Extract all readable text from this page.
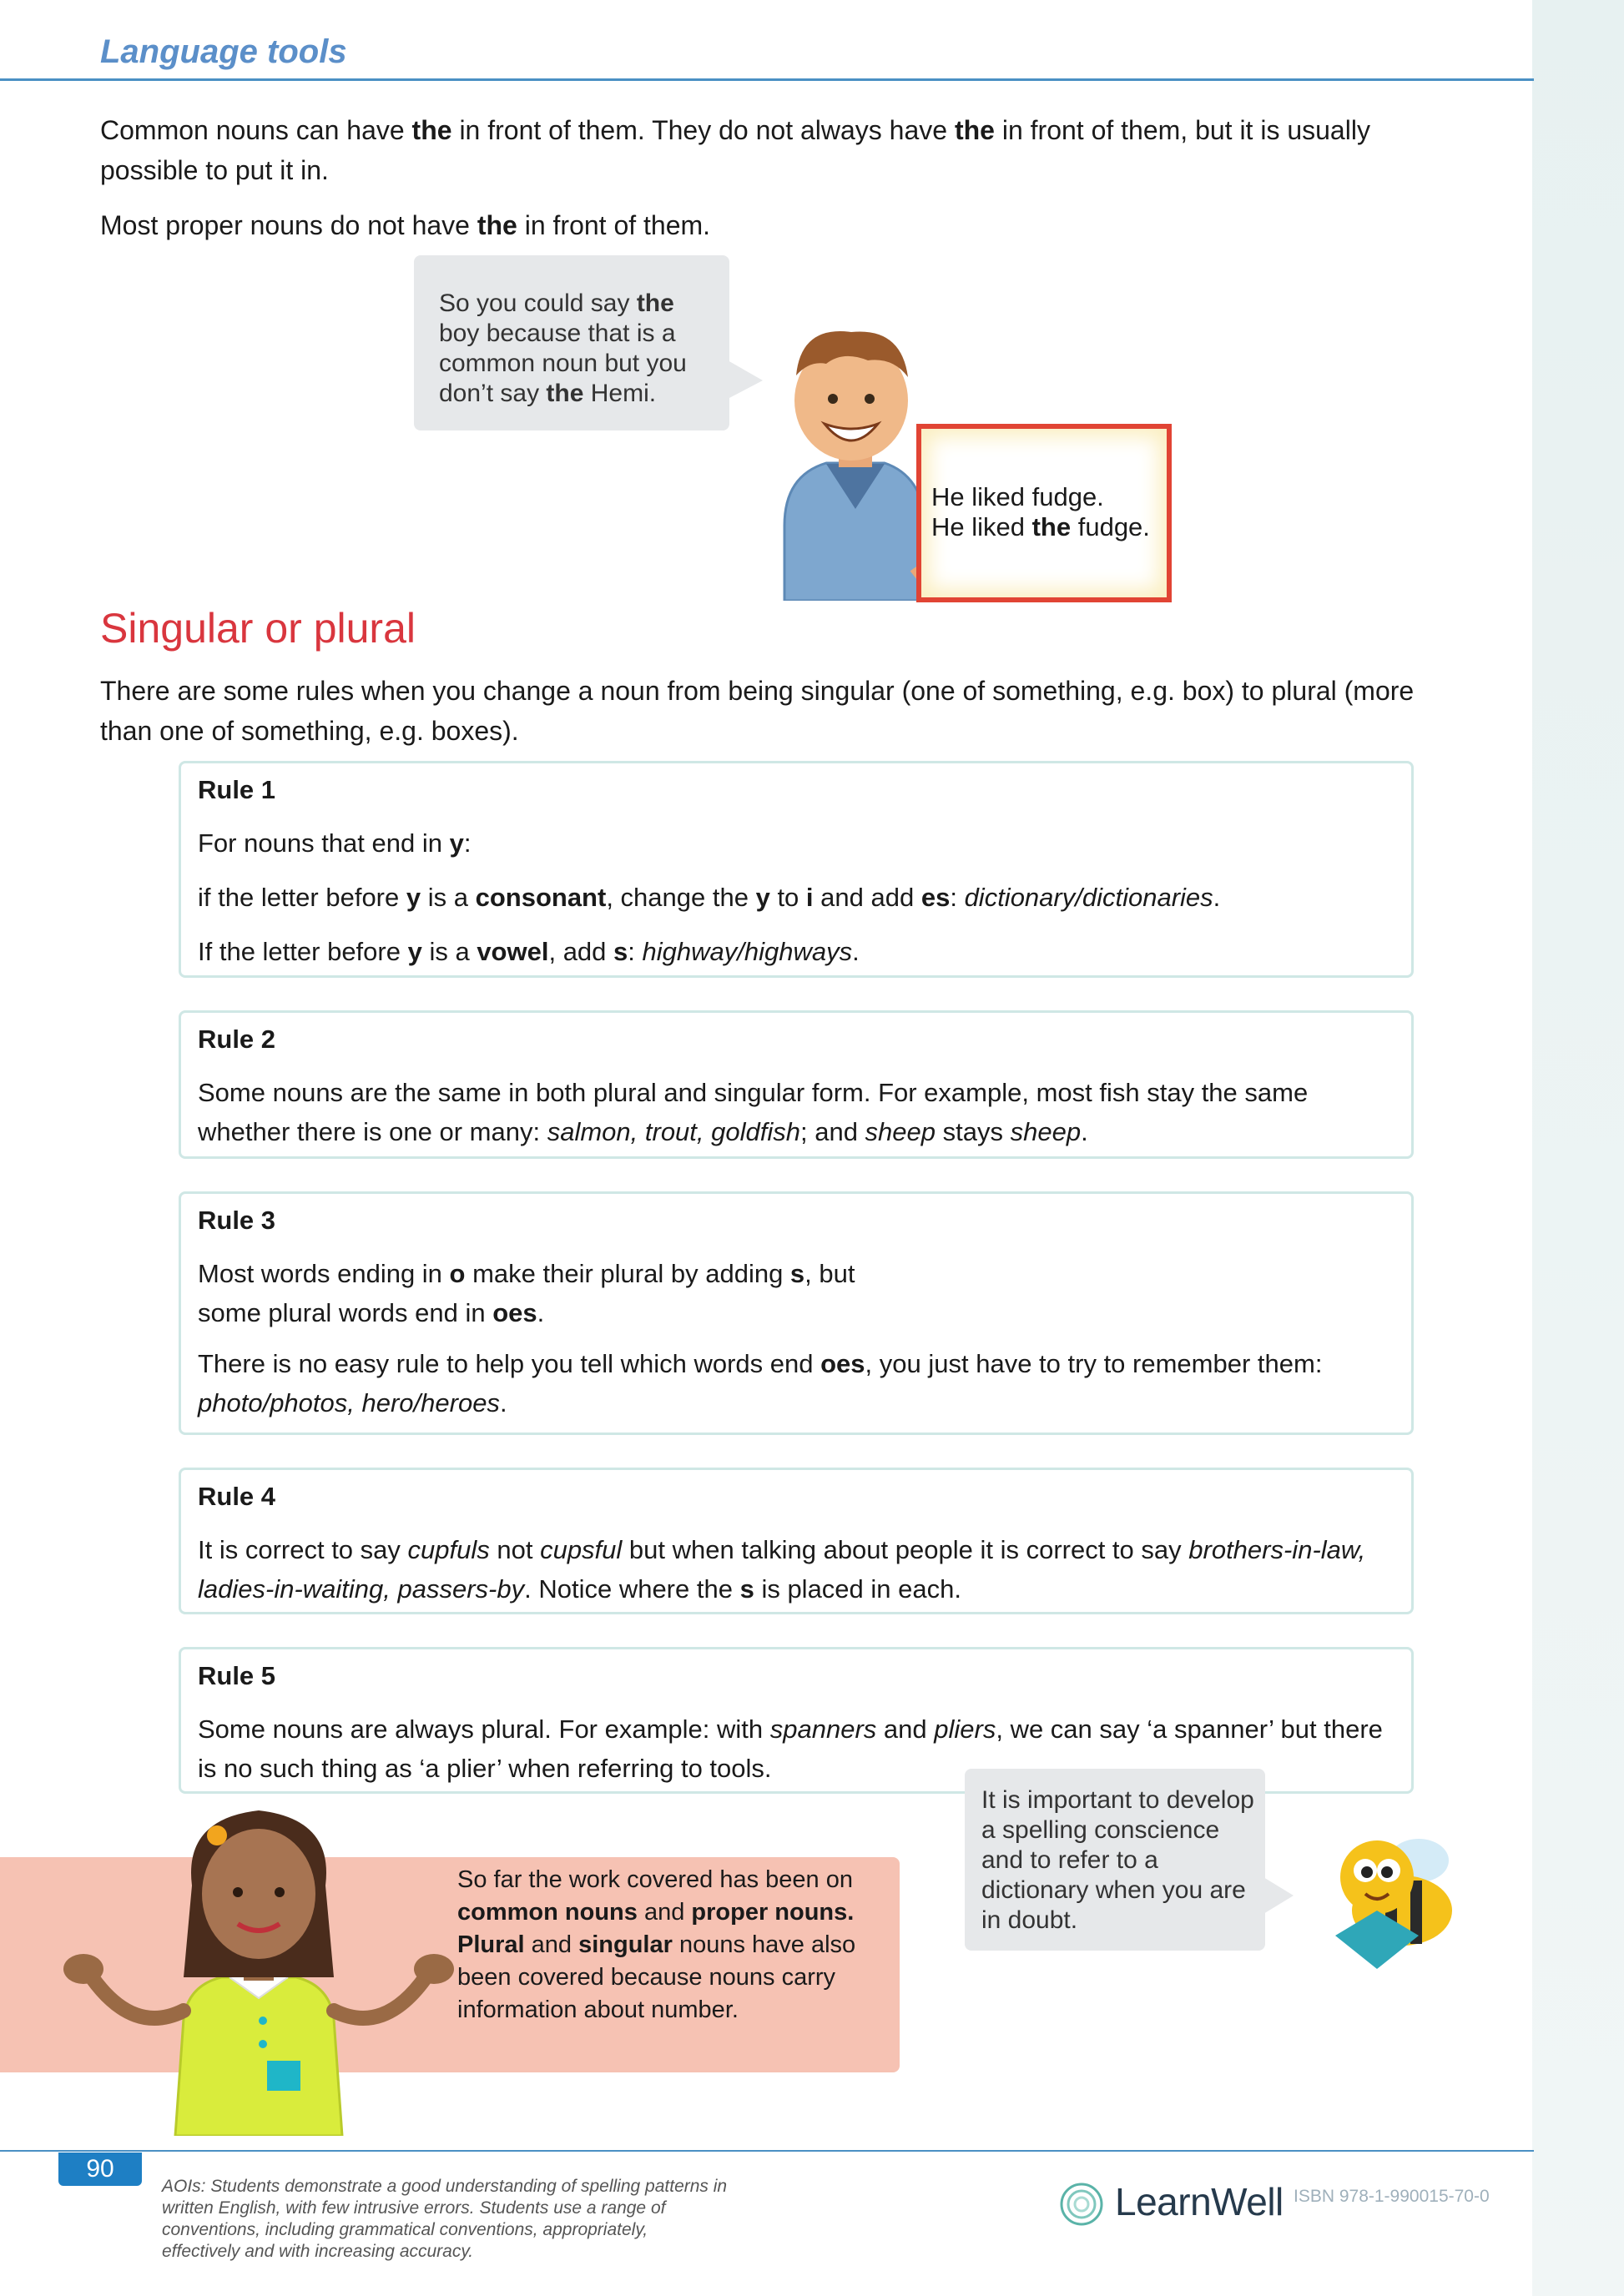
Language tools
Common nouns can have the in front of them. They do not always have the in front of them, but it is usually possible to put it in.
Most proper nouns do not have the in front of them.
So you could say the boy because that is a common noun but you don’t say the Hemi.
He liked fudge.
He liked the fudge.
Singular or plural
There are some rules when you change a noun from being singular (one of something, e.g. box) to plural (more than one of something, e.g. boxes).
Rule 1

For nouns that end in y:

if the letter before y is a consonant, change the y to i and add es: dictionary/dictionaries.

If the letter before y is a vowel, add s: highway/highways.

Rule 2

Some nouns are the same in both plural and singular form. For example, most fish stay the same whether there is one or many: salmon, trout, goldfish; and sheep stays sheep.

Rule 3

Most words ending in o make their plural by adding s, but
some plural words end in oes.

There is no easy rule to help you tell which words end oes, you just have to try to remember them: photo/photos, hero/heroes.

Rule 4

It is correct to say cupfuls not cupsful but when talking about people it is correct to say brothers-in-law, ladies-in-waiting, passers-by. Notice where the s is placed in each.

Rule 5

Some nouns are always plural. For example: with spanners and pliers, we can say ‘a spanner’ but there is no such thing as ‘a plier’ when referring to tools.

So far the work covered has been on common nouns and proper nouns. Plural and singular nouns have also been covered because nouns carry information about number.
It is important to develop a spelling conscience and to refer to a dictionary when you are in doubt.
90
AOIs: Students demonstrate a good understanding of spelling patterns in written English, with few intrusive errors. Students use a range of conventions, including grammatical conventions, appropriately, effectively and with increasing accuracy.
LearnWell ISBN 978-1-990015-70-0
